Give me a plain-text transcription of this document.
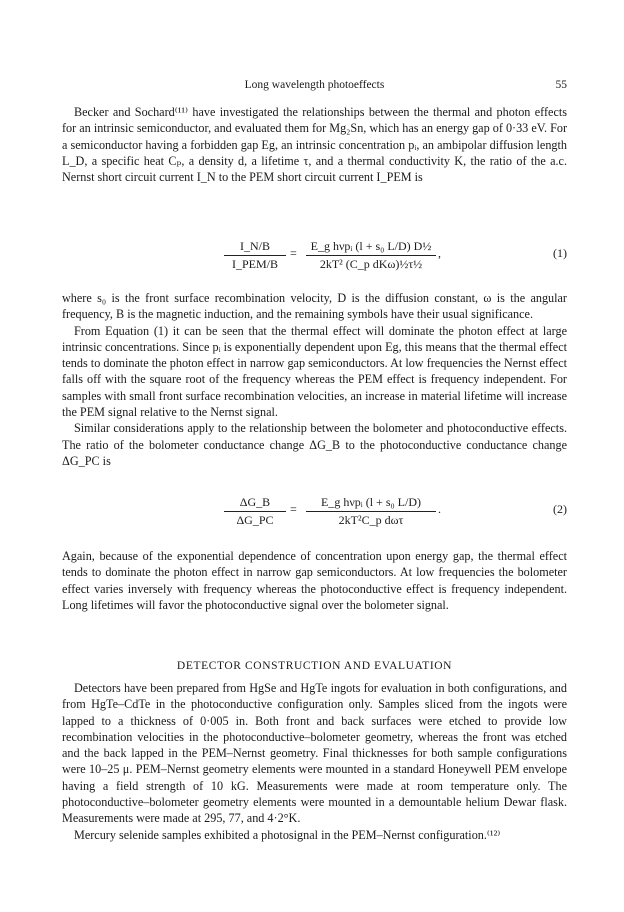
Long wavelength photoeffects	55

Becker and Sochard⁽¹¹⁾ have investigated the relationships between the thermal and photon effects for an intrinsic semiconductor, and evaluated them for Mg₂Sn, which has an energy gap of 0·33 eV. For a semiconductor having a forbidden gap Eg, an intrinsic concentration pᵢ, an ambipolar diffusion length L_D, a specific heat Cₚ, a density d, a lifetime τ, and a thermal conductivity K, the ratio of the a.c. Nernst short circuit current I_N to the PEM short circuit current I_PEM is

I_N/B
I_PEM/B
=	E_g hνpᵢ (l + s₀ L/D) D½
2kT² (C_p dKω)½τ½
,	(1)

where s₀ is the front surface recombination velocity, D is the diffusion constant, ω is the angular frequency, B is the magnetic induction, and the remaining symbols have their usual significance.

From Equation (1) it can be seen that the thermal effect will dominate the photon effect at large intrinsic concentrations. Since pᵢ is exponentially dependent upon Eg, this means that the thermal effect tends to dominate the photon effect in narrow gap semiconductors. At low frequencies the Nernst effect falls off with the square root of the frequency whereas the PEM effect is frequency independent. For samples with small front surface recombination velocities, an increase in material lifetime will increase the PEM signal relative to the Nernst signal.

Similar considerations apply to the relationship between the bolometer and photoconductive effects. The ratio of the bolometer conductance change ΔG_B to the photoconductive conductance change ΔG_PC is

$\frac{\Delta G\_B}{\Delta G\_PC}$ =	E_g hνpᵢ (l + s₀ L/D)
2kT²C_p dωτ
.	(2)

Again, because of the exponential dependence of concentration upon energy gap, the thermal effect tends to dominate the photon effect in narrow gap semiconductors. At low frequencies the bolometer effect varies inversely with frequency whereas the photoconductive effect is frequency independent. Long lifetimes will favor the photoconductive signal over the bolometer signal.

DETECTOR CONSTRUCTION AND EVALUATION

Detectors have been prepared from HgSe and HgTe ingots for evaluation in both configurations, and from HgTe–CdTe in the photoconductive configuration only. Samples sliced from the ingots were lapped to a thickness of 0·005 in. Both front and back surfaces were etched to provide low recombination velocities in the photoconductive–bolometer geometry, whereas the front was etched and the back lapped in the PEM–Nernst geometry. Final thicknesses for both sample configurations were 10–25 μ. PEM–Nernst geometry elements were mounted in a standard Honeywell PEM envelope having a field strength of 10 kG. Measurements were made at room temperature only. The photoconductive–bolometer geometry elements were mounted in a demountable helium Dewar flask. Measurements were made at 295, 77, and 4·2°K.

Mercury selenide samples exhibited a photosignal in the PEM–Nernst configuration.⁽¹²⁾
